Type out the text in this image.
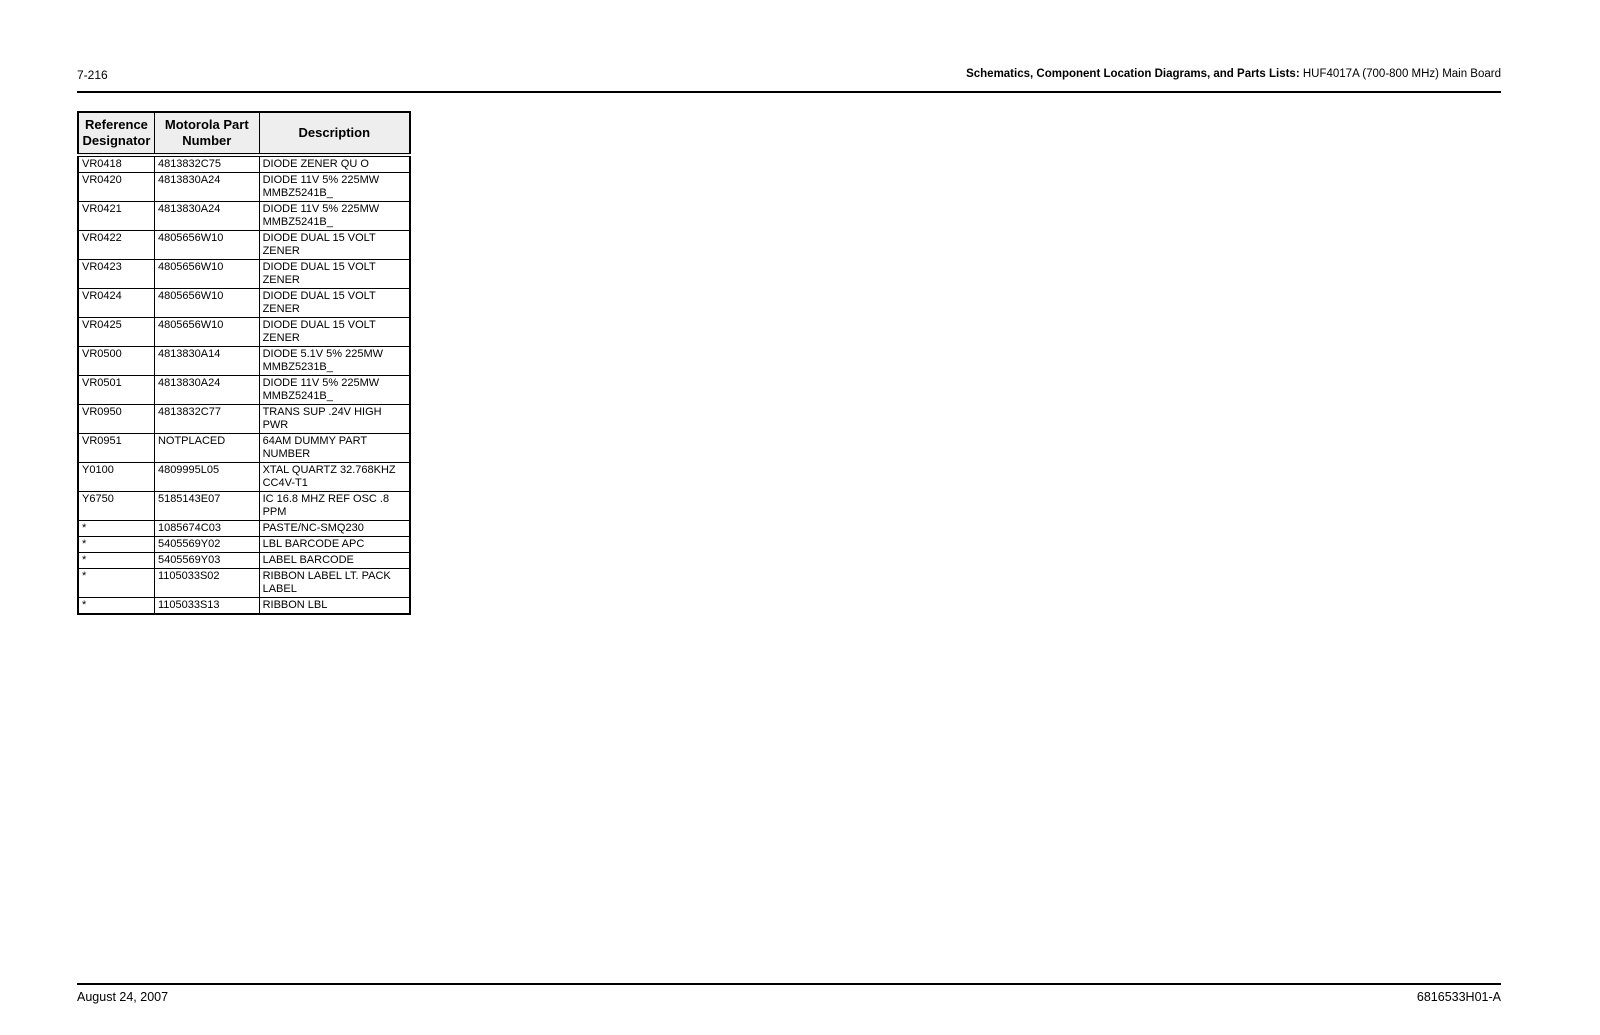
7-216	Schematics, Component Location Diagrams, and Parts Lists: HUF4017A (700-800 MHz) Main Board
Reference Designator	Motorola Part Number	Description
VR0418	4813832C75	DIODE ZENER QU O
VR0420	4813830A24	DIODE 11V 5% 225MW MMBZ5241B_
VR0421	4813830A24	DIODE 11V 5% 225MW MMBZ5241B_
VR0422	4805656W10	DIODE DUAL 15 VOLT ZENER
VR0423	4805656W10	DIODE DUAL 15 VOLT ZENER
VR0424	4805656W10	DIODE DUAL 15 VOLT ZENER
VR0425	4805656W10	DIODE DUAL 15 VOLT ZENER
VR0500	4813830A14	DIODE 5.1V 5% 225MW MMBZ5231B_
VR0501	4813830A24	DIODE 11V 5% 225MW MMBZ5241B_
VR0950	4813832C77	TRANS SUP .24V HIGH PWR
VR0951	NOTPLACED	64AM DUMMY PART NUMBER
Y0100	4809995L05	XTAL QUARTZ 32.768KHZ CC4V-T1
Y6750	5185143E07	IC 16.8 MHZ REF OSC .8 PPM
*	1085674C03	PASTE/NC-SMQ230
*	5405569Y02	LBL BARCODE APC
*	5405569Y03	LABEL BARCODE
*	1105033S02	RIBBON LABEL LT. PACK LABEL
*	1105033S13	RIBBON LBL
August 24, 2007	6816533H01-A
